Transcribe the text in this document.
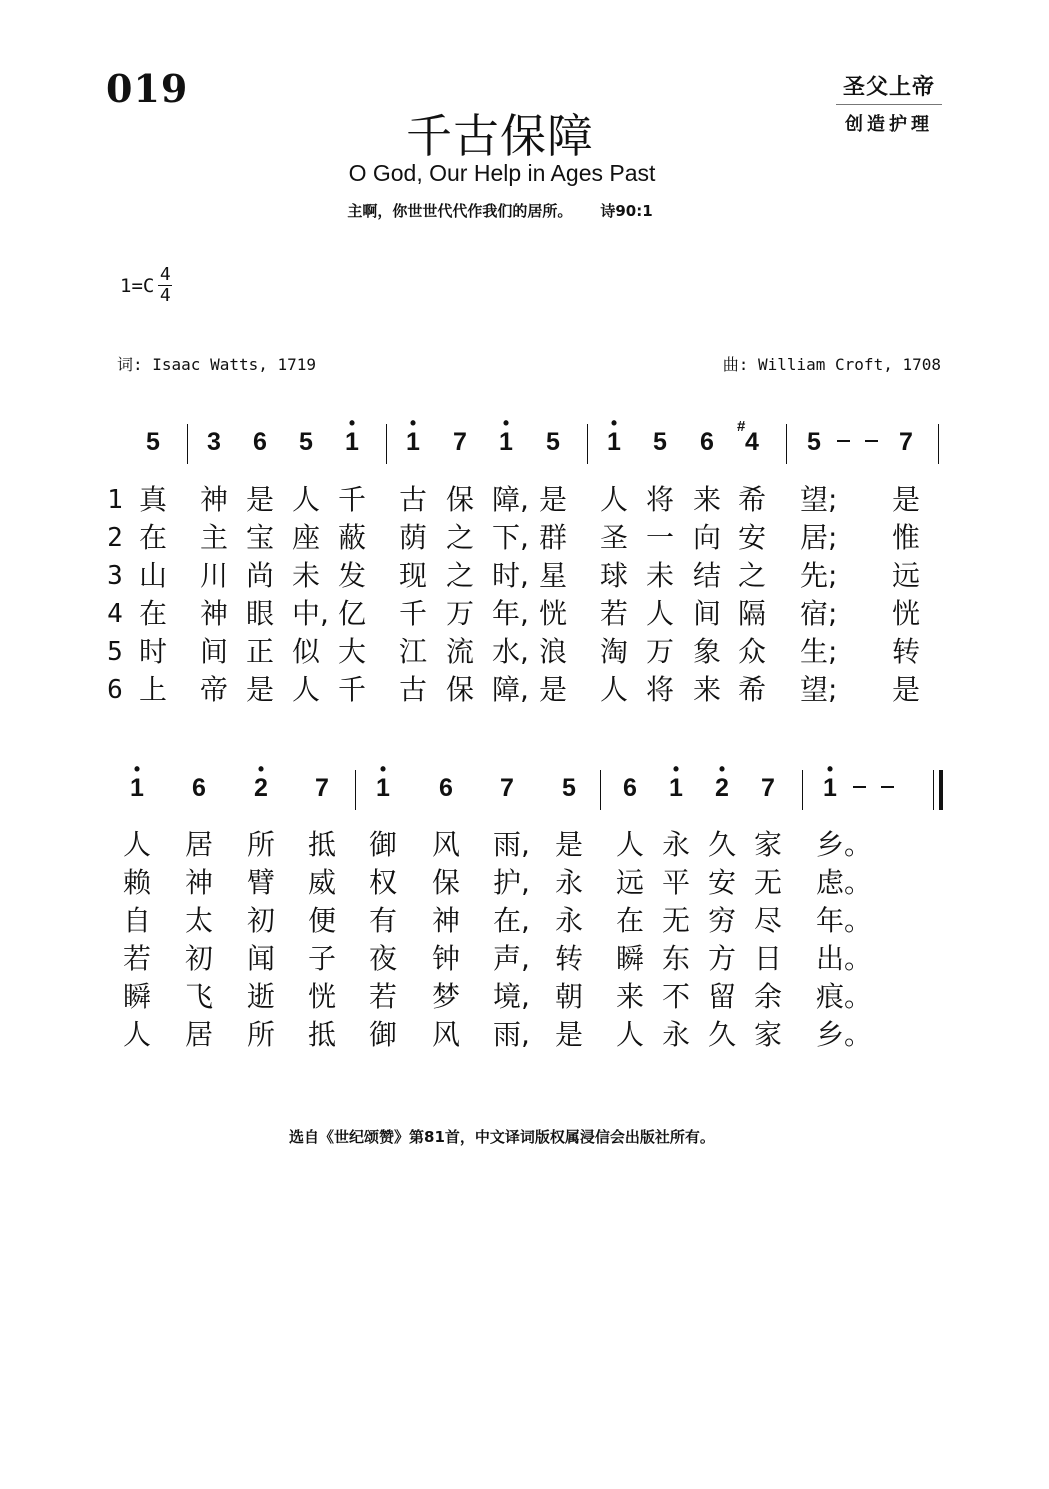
019	圣父上帝
创造护理
千古保障
O God, Our Help in Ages Past
主啊，你世世代代作我们的居所。 诗90:1
1=C 4
4
词: Isaac Watts, 1719	曲: William Croft, 1708
5	3	6	5
•
1
•
1	7
•
1	5
•
1	5	6
#
4	5	7
1 真	神 是 人 千	古 保 障, 是	人 将 来 希	望;	是
2 在	主 宝 座 蔽	荫 之 下, 群	圣 一 向 安	居;	惟
3 山	川 尚 未 发	现 之 时, 星	球 未 结 之	先;	远
4 在	神 眼 中, 亿	千 万 年, 恍	若 人 间 隔	宿;	恍
5 时	间 正 似 大	江 流 水, 浪	淘 万 象 众	生;	转
6 上	帝 是 人 千	古 保 障, 是	人 将 来 希	望;	是
•
1	6
•
2	7
•
1	6	7	5	6
•
1
•
2	7
•
1
人	居	所	抵	御	风	雨, 是	人 永 久 家	乡。
赖	神	臂	威	权	保	护, 永	远 平 安 无	虑。
自	太	初	便	有	神	在, 永	在 无 穷 尽	年。
若	初	闻	子	夜	钟	声, 转	瞬 东 方 日	出。
瞬	飞	逝	恍	若	梦	境, 朝	来 不 留 余	痕。
人	居	所	抵	御	风	雨, 是	人 永 久 家	乡。
选自《世纪颂赞》第81首，中文译词版权属浸信会出版社所有。
